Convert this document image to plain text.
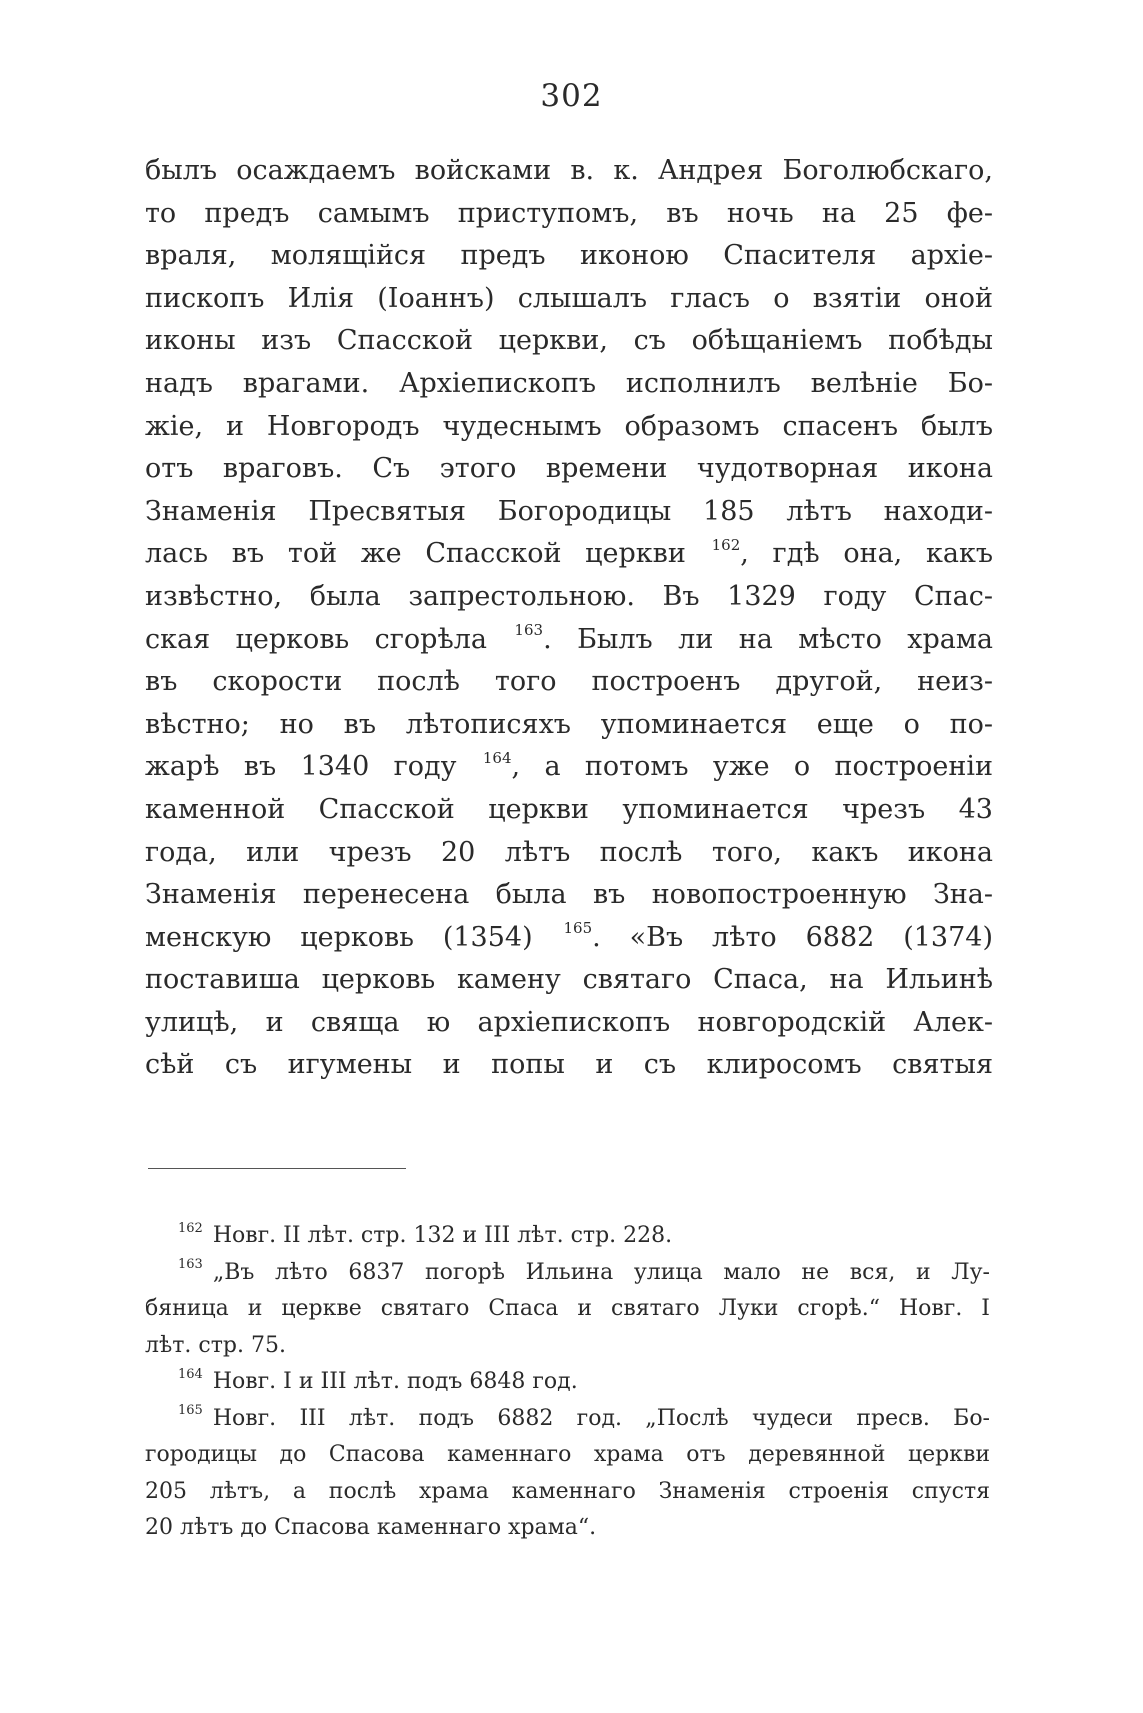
302
былъ осаждаемъ войсками в. к. Андрея Боголюбскаго,
то предъ самымъ приступомъ, въ ночь на 25 фе-
враля, молящійся предъ иконою Спасителя архіе-
пископъ Илія (Іоаннъ) слышалъ гласъ о взятіи оной
иконы изъ Спасской церкви, съ обѣщаніемъ побѣды
надъ врагами. Архіепископъ исполнилъ велѣніе Бо-
жіе, и Новгородъ чудеснымъ образомъ спасенъ былъ
отъ враговъ. Съ этого времени чудотворная икона
Знаменія Пресвятыя Богородицы 185 лѣтъ находи-
лась въ той же Спасской церкви $^{162}$, гдѣ она, какъ
извѣстно, была запрестольною. Въ 1329 году Спас-
ская церковь сгорѣла $^{163}$. Былъ ли на мѣсто храма
въ скорости послѣ того построенъ другой, неиз-
вѣстно; но въ лѣтописяхъ упоминается еще о по-
жарѣ въ 1340 году $^{164}$, а потомъ уже о построеніи
каменной Спасской церкви упоминается чрезъ 43
года, или чрезъ 20 лѣтъ послѣ того, какъ икона
Знаменія перенесена была въ новопостроенную Зна-
менскую церковь (1354) $^{165}$. «Въ лѣто 6882 (1374)
поставиша церковь камену святаго Спаса, на Ильинѣ
улицѣ, и свяща ю архіепископъ новгородскій Алек-
сѣй съ игумены и попы и съ клиросомъ святыя
$^{162}$ Новг. II лѣт. стр. 132 и III лѣт. стр. 228.
$^{163}$ „Въ лѣто 6837 погорѣ Ильина улица мало не вся, и Лу-
бяница и церкве святаго Спаса и святаго Луки сгорѣ.“ Новг. I
лѣт. стр. 75.
$^{164}$ Новг. I и III лѣт. подъ 6848 год.
$^{165}$ Новг. III лѣт. подъ 6882 год. „Послѣ чудеси пресв. Бо-
городицы до Спасова каменнаго храма отъ деревянной церкви
205 лѣтъ, а послѣ храма каменнаго Знаменія строенія спустя
20 лѣтъ до Спасова каменнаго храма“.
